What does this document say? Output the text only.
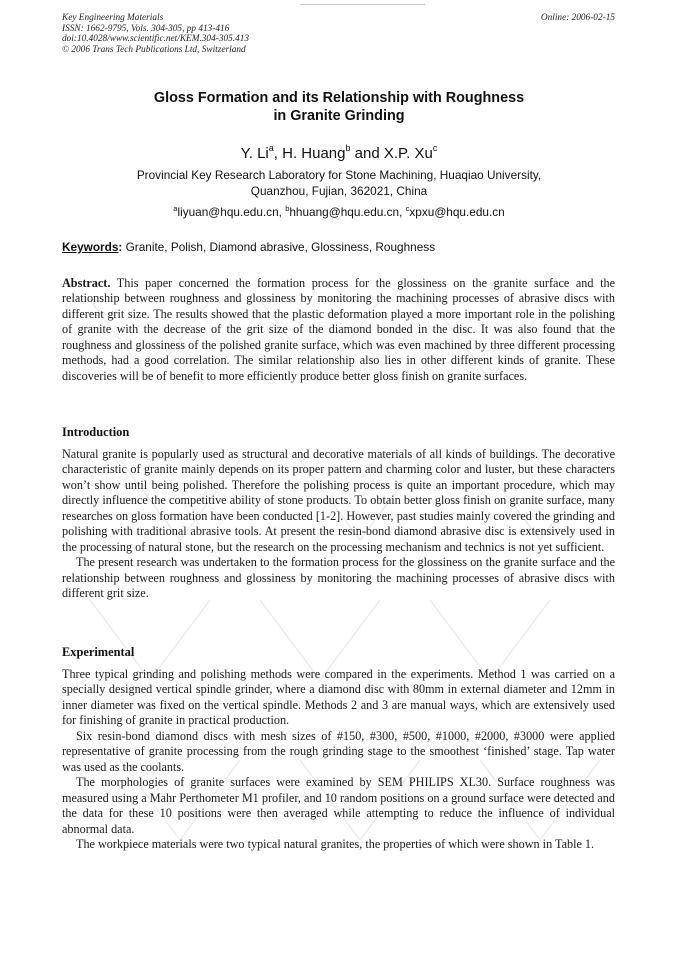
Key Engineering Materials
ISSN: 1662-9795, Vols. 304-305, pp 413-416
doi:10.4028/www.scientific.net/KEM.304-305.413
© 2006 Trans Tech Publications Ltd, Switzerland
Online: 2006-02-15
Gloss Formation and its Relationship with Roughness
in Granite Grinding
Y. Li$^a$, H. Huang$^b$ and X.P. Xu$^c$
Provincial Key Research Laboratory for Stone Machining, Huaqiao University,
Quanzhou, Fujian, 362021, China
$^a$liyuan@hqu.edu.cn, $^b$hhuang@hqu.edu.cn, $^c$xpxu@hqu.edu.cn
Keywords: Granite, Polish, Diamond abrasive, Glossiness, Roughness
Abstract. This paper concerned the formation process for the glossiness on the granite surface and the relationship between roughness and glossiness by monitoring the machining processes of abrasive discs with different grit size. The results showed that the plastic deformation played a more important role in the polishing of granite with the decrease of the grit size of the diamond bonded in the disc. It was also found that the roughness and glossiness of the polished granite surface, which was even machined by three different processing methods, had a good correlation. The similar relationship also lies in other different kinds of granite. These discoveries will be of benefit to more efficiently produce better gloss finish on granite surfaces.
Introduction

Natural granite is popularly used as structural and decorative materials of all kinds of buildings. The decorative characteristic of granite mainly depends on its proper pattern and charming color and luster, but these characters won’t show until being polished. Therefore the polishing process is quite an important procedure, which may directly influence the competitive ability of stone products. To obtain better gloss finish on granite surface, many researches on gloss formation have been conducted [1-2]. However, past studies mainly covered the grinding and polishing with traditional abrasive tools. At present the resin-bond diamond abrasive disc is extensively used in the processing of natural stone, but the research on the processing mechanism and technics is not yet sufficient.

The present research was undertaken to the formation process for the glossiness on the granite surface and the relationship between roughness and glossiness by monitoring the machining processes of abrasive discs with different grit size.

Experimental

Three typical grinding and polishing methods were compared in the experiments. Method 1 was carried on a specially designed vertical spindle grinder, where a diamond disc with 80mm in external diameter and 12mm in inner diameter was fixed on the vertical spindle. Methods 2 and 3 are manual ways, which are extensively used for finishing of granite in practical production.

Six resin-bond diamond discs with mesh sizes of #150, #300, #500, #1000, #2000, #3000 were applied representative of granite processing from the rough grinding stage to the smoothest ‘finished’ stage. Tap water was used as the coolants.

The morphologies of granite surfaces were examined by SEM PHILIPS XL30. Surface roughness was measured using a Mahr Perthometer M1 profiler, and 10 random positions on a ground surface were detected and the data for these 10 positions were then averaged while attempting to reduce the influence of individual abnormal data.

The workpiece materials were two typical natural granites, the properties of which were shown in Table 1.
